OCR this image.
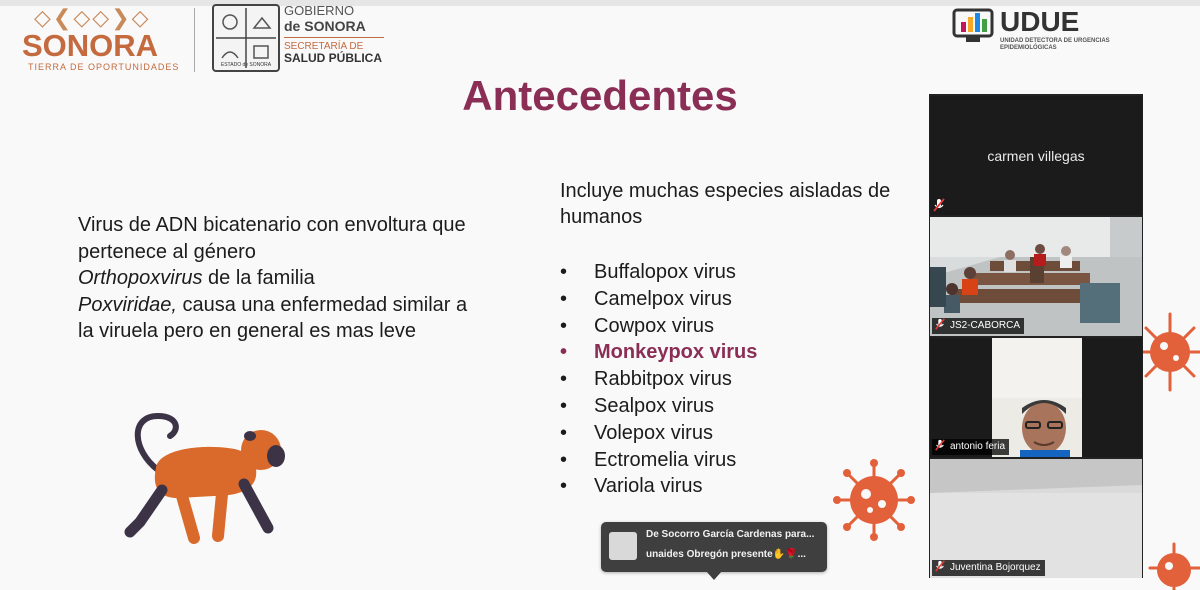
◇❮◇◇❯◇
SONORA
TIERRA DE OPORTUNIDADES	ESTADO de SONORA
GOBIERNO
de SONORA
SECRETARÍA DE
SALUD PÚBLICA
UDUE
UNIDAD DETECTORA DE URGENCIAS EPIDEMIOLÓGICAS
Antecedentes
Virus de ADN bicatenario con envoltura que pertenece al género
Orthopoxvirus de la familia
Poxviridae, causa una enfermedad similar a la viruela pero en general es mas leve
Incluye muchas especies aisladas de
humanos
•	Buffalopox virus
•	Camelpox virus
•	Cowpox virus
•	Monkeypox virus
•	Rabbitpox virus
•	Sealpox virus
•	Volepox virus
•	Ectromelia virus
•	Variola virus
De Socorro García Cardenas para...
unaides Obregón presente✋🌹...
carmen villegas
JS2-CABORCA
antonio feria
Juventina Bojorquez
